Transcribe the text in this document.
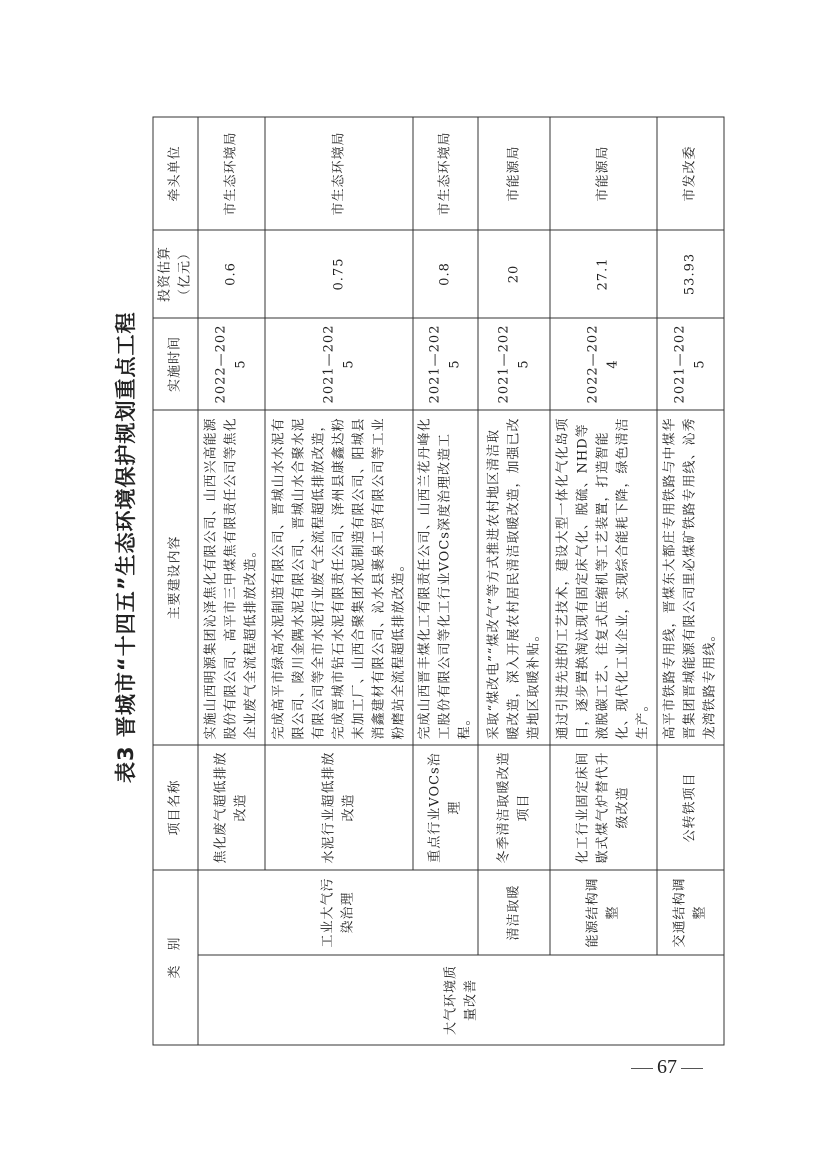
表3 晋城市“十四五”生态环境保护规划重点工程
类　别		项目名称	主要建设内容	实施时间	投资估算（亿元）	牵头单位
大气环境质量改善	工业大气污染治理	焦化废气超低排放改造	实施山西明源集团沁泽焦化有限公司、山西兴高能源股份有限公司、高平市三甲煤焦有限责任公司等焦化企业废气全流程超低排放改造。	2022—2025	0.6	市生态环境局
		水泥行业超低排放改造	完成高平市绿高水泥制造有限公司、晋城山水水泥有限公司、陵川金隅水泥有限公司、晋城山水合聚水泥有限公司等全市水泥行业废气全流程超低排放改造，完成晋城市钻石水泥有限责任公司、泽州县康鑫达粉末加工厂、山西合聚集团水泥制造有限公司、阳城县消鑫建材有限公司、沁水县裹泉工贸有限公司等工业粉磨站全流程超低排放改造。	2021—2025	0.75	市生态环境局
		重点行业VOCs治理	完成山西晋丰煤化工有限责任公司、山西兰花丹峰化工股份有限公司等化工行业VOCs深度治理改造工程。	2021—2025	0.8	市生态环境局
	清洁取暖	冬季清洁取暖改造项目	采取“煤改电”“煤改气”等方式推进农村地区清洁取暖改造，深入开展农村居民清洁取暖改造，加强已改造地区取暖补贴。	2021—2025	20	市能源局
	能源结构调整	化工行业固定床间歇式煤气炉替代升级改造	通过引进先进的工艺技术，建设大型一体化气化岛项目，逐步置换淘汰现有固定床气化、脱硫、NHD等液脱碳工艺、往复式压缩机等工艺装置，打造智能化、现代化工业企业，实现综合能耗下降，绿色清洁生产。	2022—2024	27.1	市能源局
	交通结构调整	公转铁项目	高平市铁路专用线，晋煤东大都庄专用铁路与中煤华晋集团晋城能源有限公司里必煤矿铁路专用线、沁秀龙湾铁路专用线。	2021—2025	53.93	市发改委
67
